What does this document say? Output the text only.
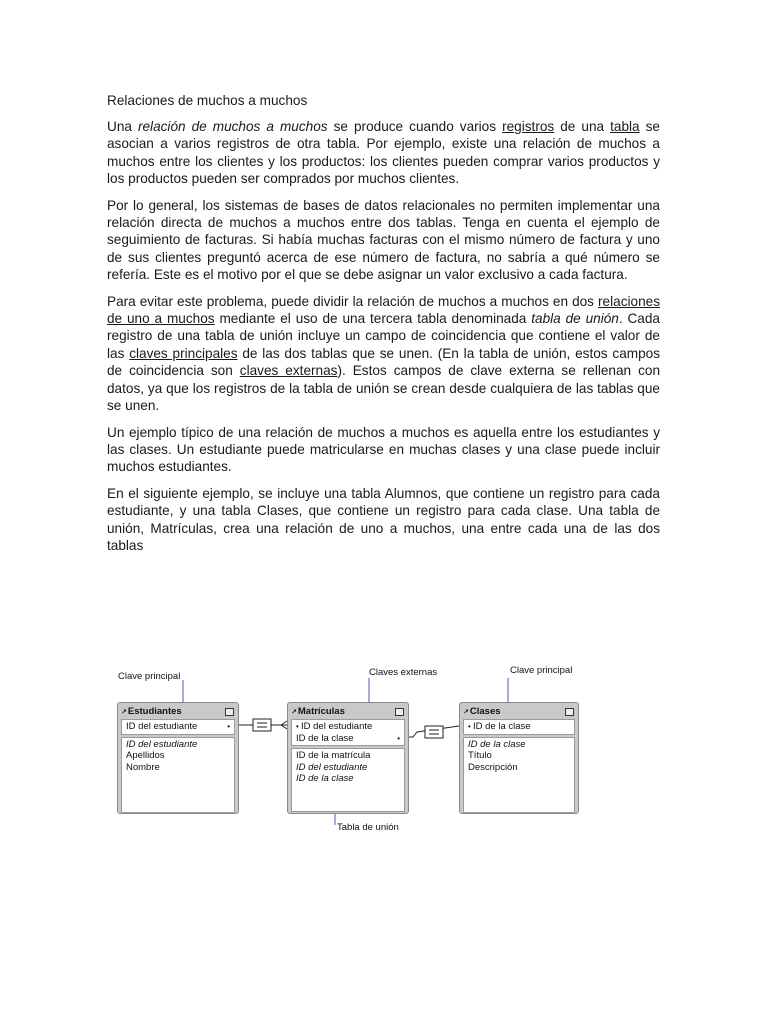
Relaciones de muchos a muchos

Una relación de muchos a muchos se produce cuando varios registros de una tabla se asocian a varios registros de otra tabla. Por ejemplo, existe una relación de muchos a muchos entre los clientes y los productos: los clientes pueden comprar varios productos y los productos pueden ser comprados por muchos clientes.

Por lo general, los sistemas de bases de datos relacionales no permiten implementar una relación directa de muchos a muchos entre dos tablas. Tenga en cuenta el ejemplo de seguimiento de facturas. Si había muchas facturas con el mismo número de factura y uno de sus clientes preguntó acerca de ese número de factura, no sabría a qué número se refería. Este es el motivo por el que se debe asignar un valor exclusivo a cada factura.

Para evitar este problema, puede dividir la relación de muchos a muchos en dos relaciones de uno a muchos mediante el uso de una tercera tabla denominada tabla de unión. Cada registro de una tabla de unión incluye un campo de coincidencia que contiene el valor de las claves principales de las dos tablas que se unen. (En la tabla de unión, estos campos de coincidencia son claves externas). Estos campos de clave externa se rellenan con datos, ya que los registros de la tabla de unión se crean desde cualquiera de las tablas que se unen.

Un ejemplo típico de una relación de muchos a muchos es aquella entre los estudiantes y las clases. Un estudiante puede matricularse en muchas clases y una clase puede incluir muchos estudiantes.

En el siguiente ejemplo, se incluye una tabla Alumnos, que contiene un registro para cada estudiante, y una tabla Clases, que contiene un registro para cada clase. Una tabla de unión, Matrículas, crea una relación de uno a muchos, una entre cada una de las dos tablas

Clave principal	Claves externas	Clave principal
Tabla de unión
↗Estudiantes
ID del estudiante	•
ID del estudiante
Apellidos
Nombre
↗Matrículas
• ID del estudiante
ID de la clase	•
ID de la matrícula
ID del estudiante
ID de la clase
↗Clases
• ID de la clase
ID de la clase
Título
Descripción
